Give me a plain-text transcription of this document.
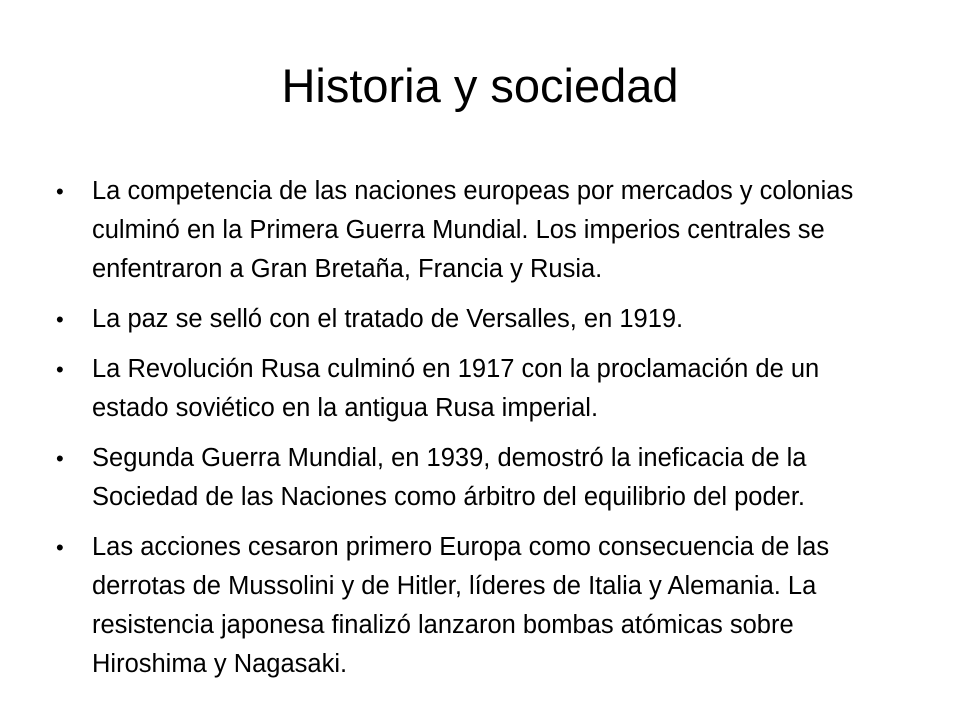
Historia y sociedad
•	La competencia de las naciones europeas por mercados y colonias culminó en la Primera Guerra Mundial. Los imperios centrales se enfentraron a Gran Bretaña, Francia y Rusia.
•	La paz se selló con el tratado de Versalles, en 1919.
•	La Revolución Rusa culminó en 1917 con la proclamación de un estado soviético en la antigua Rusa imperial.
•	Segunda Guerra Mundial, en 1939, demostró la ineficacia de la Sociedad de las Naciones como árbitro del equilibrio del poder.
•	Las acciones cesaron primero Europa como consecuencia de las derrotas de Mussolini y de Hitler, líderes de Italia y Alemania. La resistencia japonesa finalizó lanzaron bombas atómicas sobre Hiroshima y Nagasaki.
